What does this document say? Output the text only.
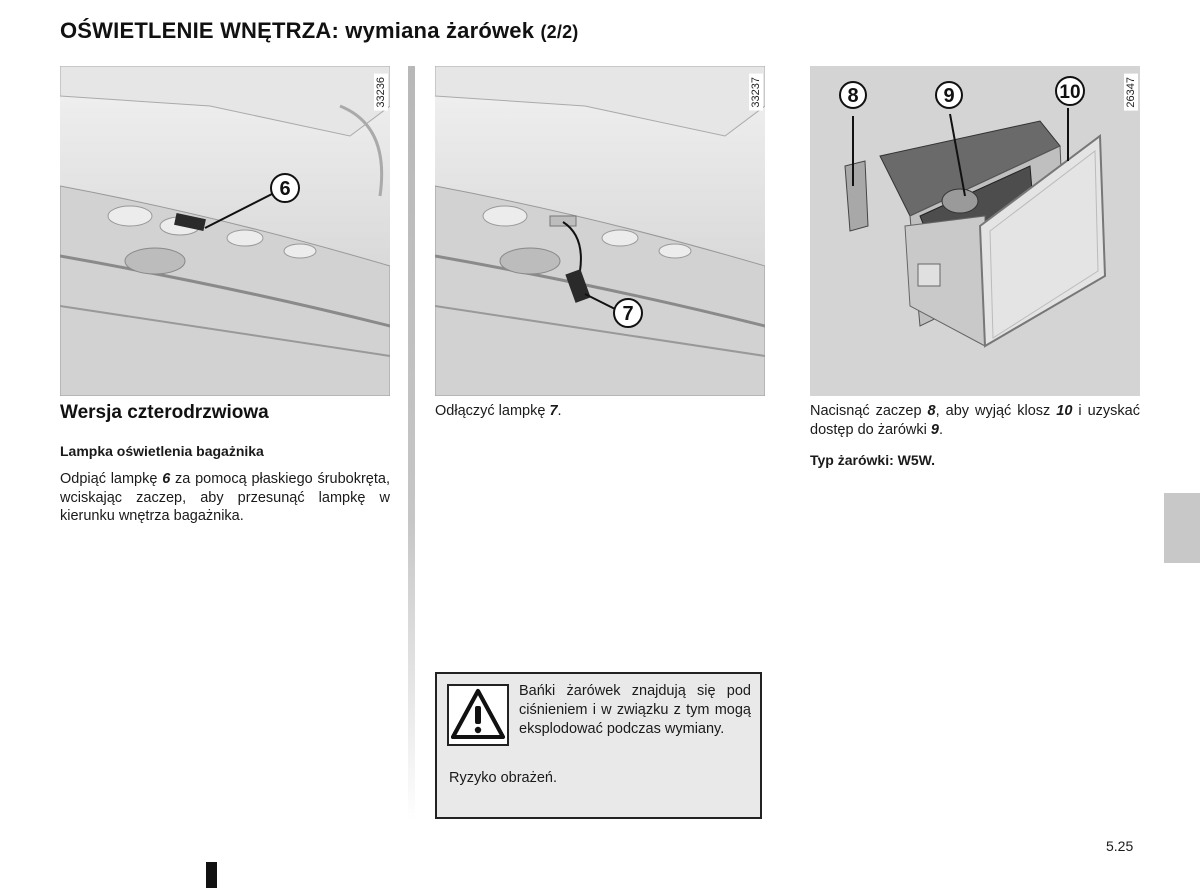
OŚWIETLENIE WNĘTRZA: wymiana żarówek (2/2)
6
33236
7
33237	8	9	10	26347
Wersja czterodrzwiowa
Lampka oświetlenia bagażnika
Odpiąć lampkę 6 za pomocą płaskiego śrubokręta, wciskając zaczep, aby przesunąć lampkę w kierunku wnętrza bagażnika.
Odłączyć lampkę 7.	Nacisnąć zaczep 8, aby wyjąć klosz 10 i uzyskać dostęp do żarówki 9.
Typ żarówki: W5W.
Bańki żarówek znajdują się pod ciśnieniem i w związku z tym mogą eksplodować podczas wymiany.
Ryzyko obrażeń.
5.25
